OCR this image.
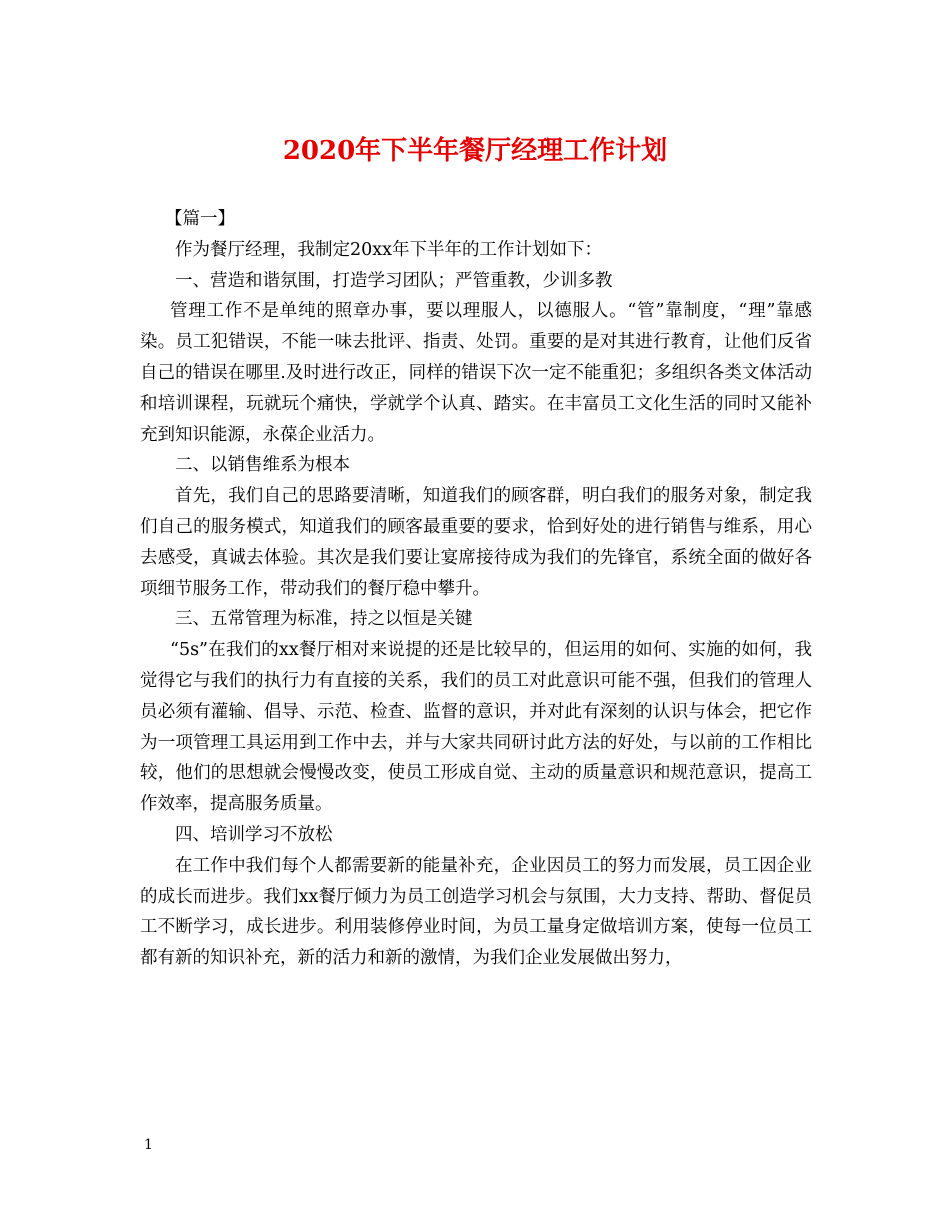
2020年下半年餐厅经理工作计划

【篇一】

作为餐厅经理，我制定20xx年下半年的工作计划如下：

一、营造和谐氛围，打造学习团队；严管重教，少训多教

管理工作不是单纯的照章办事，要以理服人，以德服人。“管”靠制度，“理”靠感染。员工犯错误，不能一味去批评、指责、处罚。重要的是对其进行教育，让他们反省自己的错误在哪里.及时进行改正，同样的错误下次一定不能重犯；多组织各类文体活动和培训课程，玩就玩个痛快，学就学个认真、踏实。在丰富员工文化生活的同时又能补充到知识能源，永葆企业活力。

二、以销售维系为根本

首先，我们自己的思路要清晰，知道我们的顾客群，明白我们的服务对象，制定我们自己的服务模式，知道我们的顾客最重要的要求，恰到好处的进行销售与维系，用心去感受，真诚去体验。其次是我们要让宴席接待成为我们的先锋官，系统全面的做好各项细节服务工作，带动我们的餐厅稳中攀升。

三、五常管理为标准，持之以恒是关键

“5s”在我们的xx餐厅相对来说提的还是比较早的，但运用的如何、实施的如何，我觉得它与我们的执行力有直接的关系，我们的员工对此意识可能不强，但我们的管理人员必须有灌输、倡导、示范、检查、监督的意识，并对此有深刻的认识与体会，把它作为一项管理工具运用到工作中去，并与大家共同研讨此方法的好处，与以前的工作相比较，他们的思想就会慢慢改变，使员工形成自觉、主动的质量意识和规范意识，提高工作效率，提高服务质量。

四、培训学习不放松

在工作中我们每个人都需要新的能量补充，企业因员工的努力而发展，员工因企业的成长而进步。我们xx餐厅倾力为员工创造学习机会与氛围，大力支持、帮助、督促员工不断学习，成长进步。利用装修停业时间，为员工量身定做培训方案，使每一位员工都有新的知识补充，新的活力和新的激情，为我们企业发展做出努力，

1
